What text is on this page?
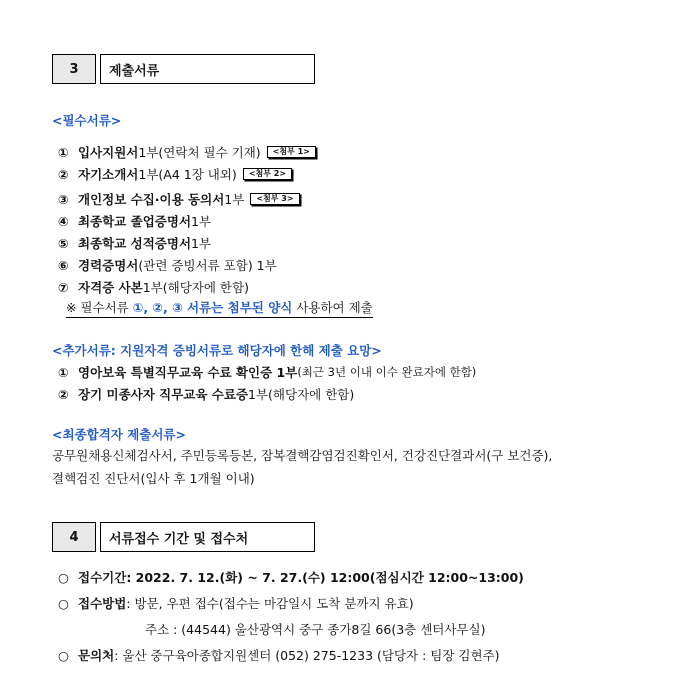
3	제출서류
<필수서류>
① 입사지원서 1부(연락처 필수 기재)	<첨부 1>
② 자기소개서 1부(A4 1장 내외)	<첨부 2>
③ 개인정보 수집·이용 동의서 1부	<첨부 3>
④ 최종학교 졸업증명서 1부
⑤ 최종학교 성적증명서 1부
⑥ 경력증명서 (관련 증빙서류 포함) 1부
⑦ 자격증 사본 1부(해당자에 한함)
※ 필수서류 ①, ②, ③ 서류는 첨부된 양식 사용하여 제출
<추가서류: 지원자격 증빙서류로 해당자에 한해 제출 요망>
① 영아보육 특별직무교육 수료 확인증 1부 (최근 3년 이내 이수 완료자에 한함)
② 장기 미종사자 직무교육 수료증 1부(해당자에 한함)
<최종합격자 제출서류>
공무원채용신체검사서, 주민등록등본, 잠복결핵감염검진확인서, 건강진단결과서(구 보건증),
결핵검진 진단서(입사 후 1개월 이내)
4	서류접수 기간 및 접수처
○ 접수기간: 2022. 7. 12.(화) ~ 7. 27.(수) 12:00(점심시간 12:00~13:00)
○ 접수방법: 방문, 우편 접수(접수는 마감일시 도착 분까지 유효)
주소 : (44544) 울산광역시 중구 종가8길 66(3층 센터사무실)
○ 문의처: 울산 중구육아종합지원센터 (052) 275-1233 (담당자 : 팀장 김현주)
